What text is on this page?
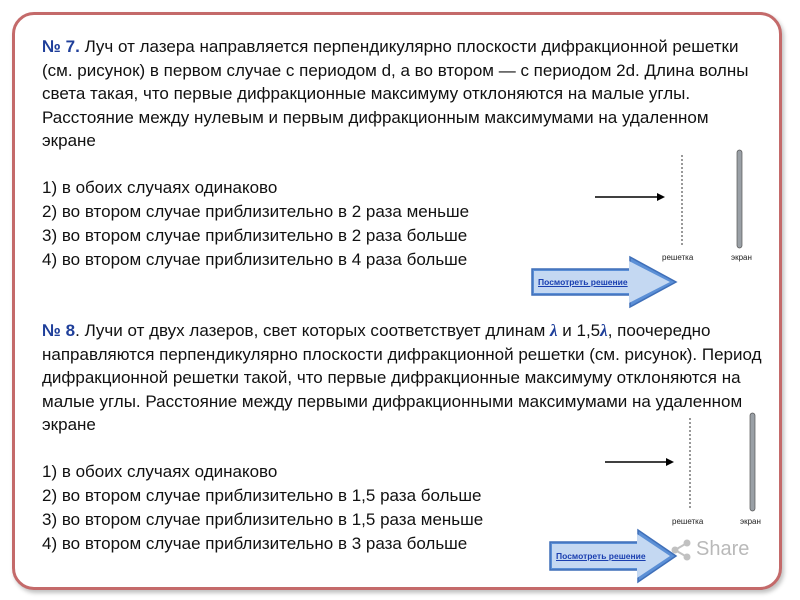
№ 7. Луч от лазера направляется перпендикулярно плоскости дифракционной решетки (см. рисунок) в первом случае с периодом d, а во втором — с периодом 2d. Длина волны света такая, что первые дифракционные максимуму отклоняются на малые углы. Расстояние между нулевым и первым дифракционным максимумами на удаленном экране

1) в обоих случаях одинаково
2) во втором случае приблизительно в 2 раза меньше
3) во втором случае приблизительно в 2 раза больше
4) во втором случае приблизительно в 4 раза больше	решетка	экран
Посмотреть решение

№ 8. Лучи от двух лазеров, свет которых соответствует длинам λ и 1,5λ, поочередно направляются перпендикулярно плоскости дифракционной решетки (см. рисунок). Период дифракционной решетки такой, что первые дифракционные максимуму отклоняются на малые углы. Расстояние между первыми дифракционными максимумами на удаленном экране

1) в обоих случаях одинаково
2) во втором случае приблизительно в 1,5 раза больше
3) во втором случае приблизительно в 1,5 раза меньше
4) во втором случае приблизительно в 3 раза больше
решетка	экран
Посмотреть решение	Share
